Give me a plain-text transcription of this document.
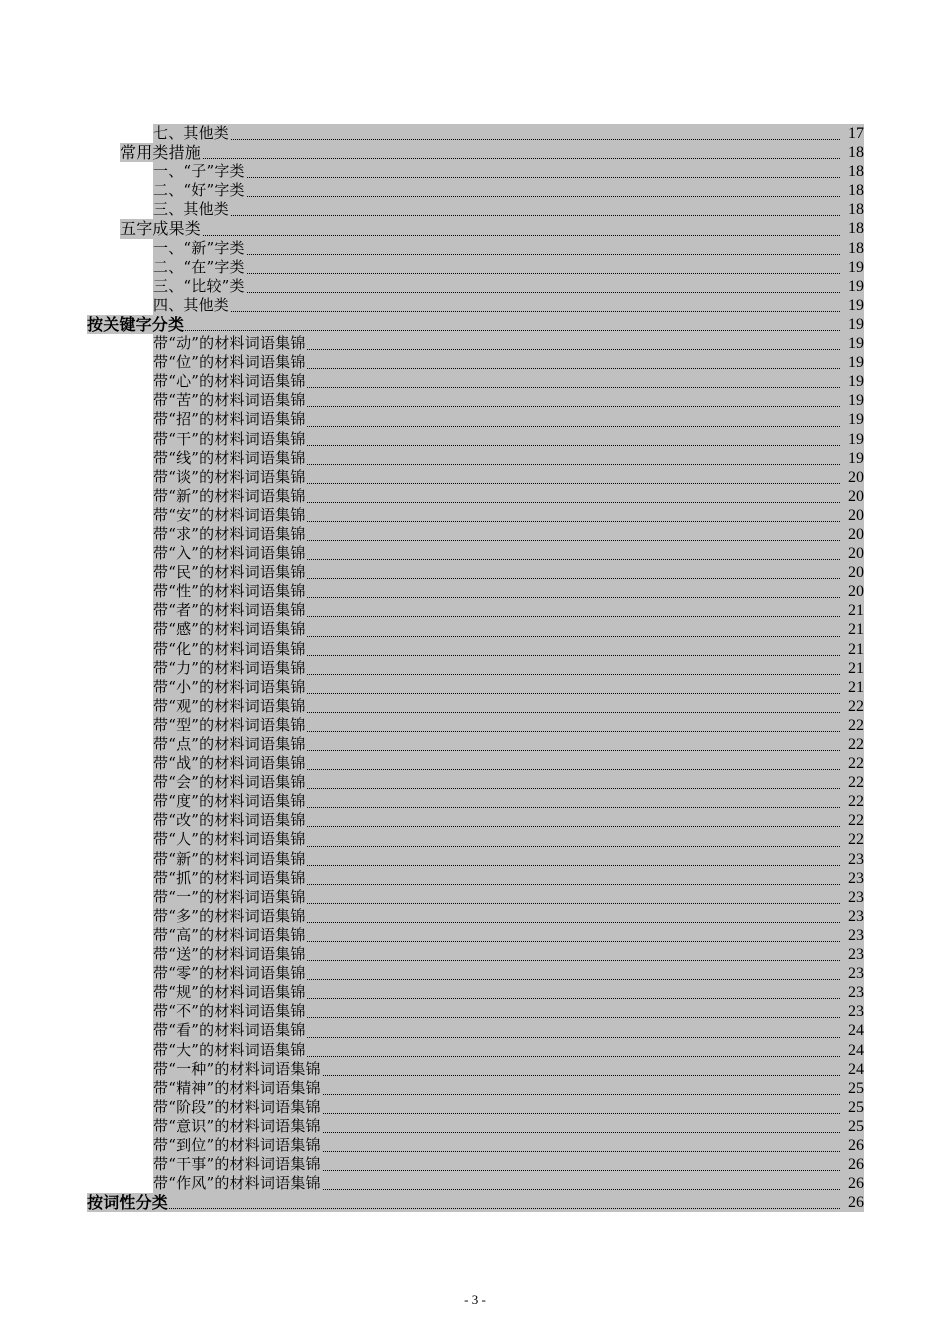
七、其他类	17
常用类措施	18
一、“子”字类	18
二、“好”字类	18
三、其他类	18
五字成果类	18
一、“新”字类	18
二、“在”字类	19
三、“比较”类	19
四、其他类	19
按关键字分类	19
带“动”的材料词语集锦	19
带“位”的材料词语集锦	19
带“心”的材料词语集锦	19
带“苦”的材料词语集锦	19
带“招”的材料词语集锦	19
带“干”的材料词语集锦	19
带“线”的材料词语集锦	19
带“谈”的材料词语集锦	20
带“新”的材料词语集锦	20
带“安”的材料词语集锦	20
带“求”的材料词语集锦	20
带“入”的材料词语集锦	20
带“民”的材料词语集锦	20
带“性”的材料词语集锦	20
带“者”的材料词语集锦	21
带“感”的材料词语集锦	21
带“化”的材料词语集锦	21
带“力”的材料词语集锦	21
带“小”的材料词语集锦	21
带“观”的材料词语集锦	22
带“型”的材料词语集锦	22
带“点”的材料词语集锦	22
带“战”的材料词语集锦	22
带“会”的材料词语集锦	22
带“度”的材料词语集锦	22
带“改”的材料词语集锦	22
带“人”的材料词语集锦	22
带“新”的材料词语集锦	23
带“抓”的材料词语集锦	23
带“一”的材料词语集锦	23
带“多”的材料词语集锦	23
带“高”的材料词语集锦	23
带“送”的材料词语集锦	23
带“零”的材料词语集锦	23
带“规”的材料词语集锦	23
带“不”的材料词语集锦	23
带“看”的材料词语集锦	24
带“大”的材料词语集锦	24
带“一种”的材料词语集锦	24
带“精神”的材料词语集锦	25
带“阶段”的材料词语集锦	25
带“意识”的材料词语集锦	25
带“到位”的材料词语集锦	26
带“干事”的材料词语集锦	26
带“作风”的材料词语集锦	26
按词性分类	26
- 3 -
